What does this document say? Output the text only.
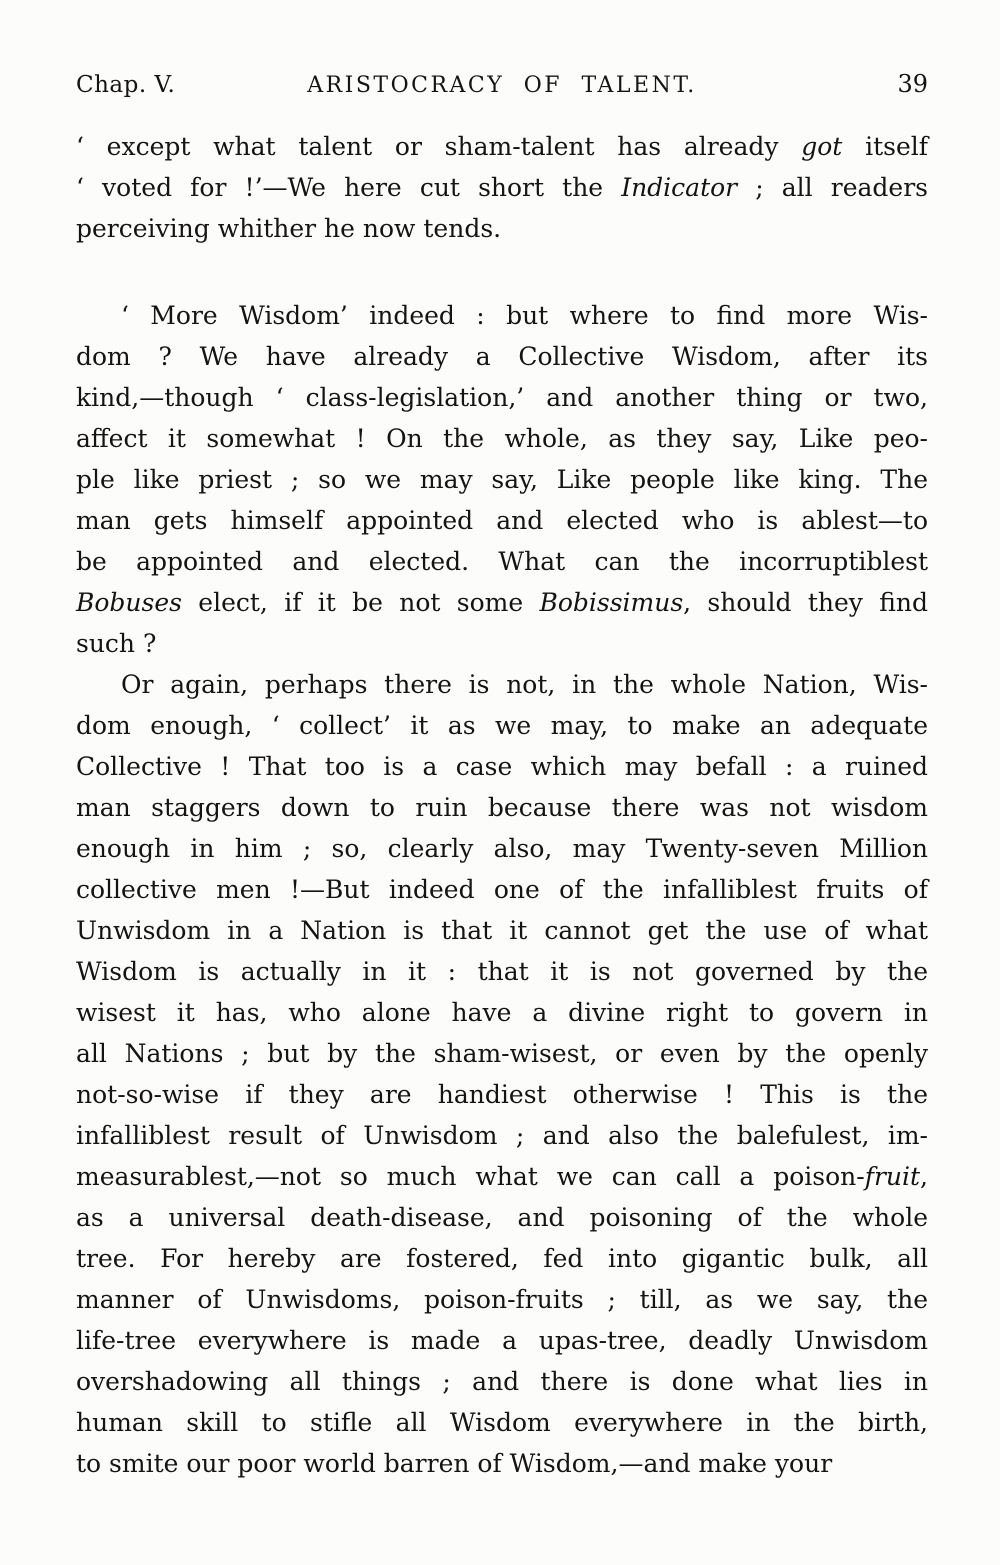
Chap. V.	ARISTOCRACY OF TALENT.	39
‘ except what talent or sham-talent has already got itself
‘ voted for !’—We here cut short the Indicator ; all readers
perceiving whither he now tends.
‘ More Wisdom’ indeed : but where to find more Wis-
dom ? We have already a Collective Wisdom, after its
kind,—though ‘ class-legislation,’ and another thing or two,
affect it somewhat ! On the whole, as they say, Like peo-
ple like priest ; so we may say, Like people like king. The
man gets himself appointed and elected who is ablest—to
be appointed and elected. What can the incorruptiblest
Bobuses elect, if it be not some Bobissimus, should they find
such ?
Or again, perhaps there is not, in the whole Nation, Wis-
dom enough, ‘ collect’ it as we may, to make an adequate
Collective ! That too is a case which may befall : a ruined
man staggers down to ruin because there was not wisdom
enough in him ; so, clearly also, may Twenty-seven Million
collective men !—But indeed one of the infalliblest fruits of
Unwisdom in a Nation is that it cannot get the use of what
Wisdom is actually in it : that it is not governed by the
wisest it has, who alone have a divine right to govern in
all Nations ; but by the sham-wisest, or even by the openly
not-so-wise if they are handiest otherwise ! This is the
infalliblest result of Unwisdom ; and also the balefulest, im-
measurablest,—not so much what we can call a poison-fruit,
as a universal death-disease, and poisoning of the whole
tree. For hereby are fostered, fed into gigantic bulk, all
manner of Unwisdoms, poison-fruits ; till, as we say, the
life-tree everywhere is made a upas-tree, deadly Unwisdom
overshadowing all things ; and there is done what lies in
human skill to stifle all Wisdom everywhere in the birth,
to smite our poor world barren of Wisdom,—and make your
